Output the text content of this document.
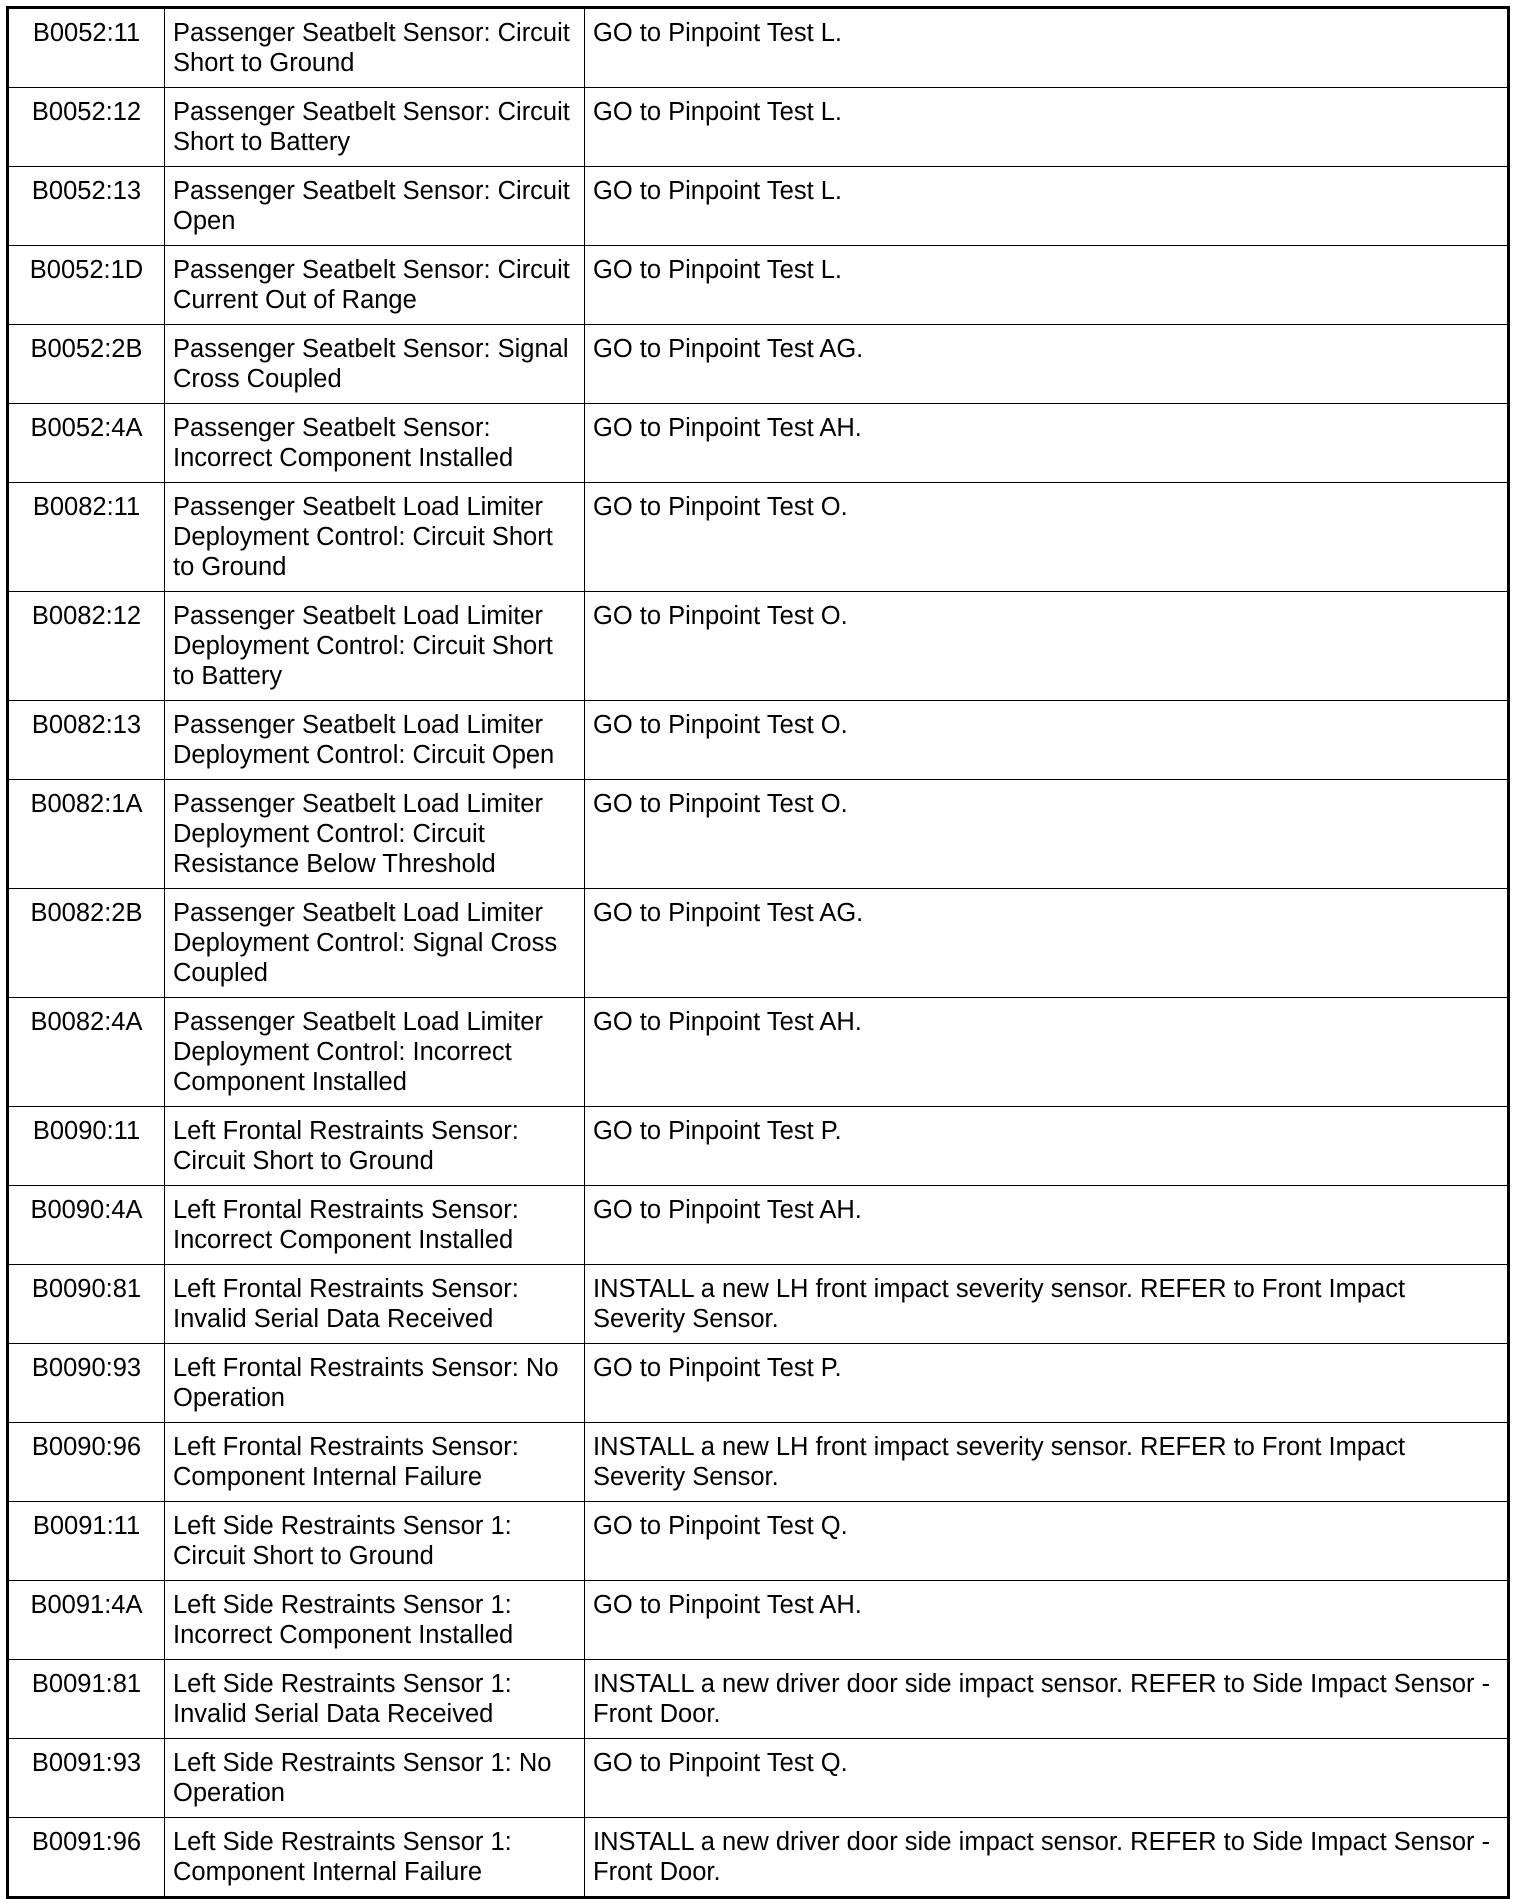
B0052:11	Passenger Seatbelt Sensor: Circuit Short to Ground	GO to Pinpoint Test L.
B0052:12	Passenger Seatbelt Sensor: Circuit Short to Battery	GO to Pinpoint Test L.
B0052:13	Passenger Seatbelt Sensor: Circuit Open	GO to Pinpoint Test L.
B0052:1D	Passenger Seatbelt Sensor: Circuit Current Out of Range	GO to Pinpoint Test L.
B0052:2B	Passenger Seatbelt Sensor: Signal Cross Coupled	GO to Pinpoint Test AG.
B0052:4A	Passenger Seatbelt Sensor: Incorrect Component Installed	GO to Pinpoint Test AH.
B0082:11	Passenger Seatbelt Load Limiter Deployment Control: Circuit Short to Ground	GO to Pinpoint Test O.
B0082:12	Passenger Seatbelt Load Limiter Deployment Control: Circuit Short to Battery	GO to Pinpoint Test O.
B0082:13	Passenger Seatbelt Load Limiter Deployment Control: Circuit Open	GO to Pinpoint Test O.
B0082:1A	Passenger Seatbelt Load Limiter Deployment Control: Circuit Resistance Below Threshold	GO to Pinpoint Test O.
B0082:2B	Passenger Seatbelt Load Limiter Deployment Control: Signal Cross Coupled	GO to Pinpoint Test AG.
B0082:4A	Passenger Seatbelt Load Limiter Deployment Control: Incorrect Component Installed	GO to Pinpoint Test AH.
B0090:11	Left Frontal Restraints Sensor: Circuit Short to Ground	GO to Pinpoint Test P.
B0090:4A	Left Frontal Restraints Sensor: Incorrect Component Installed	GO to Pinpoint Test AH.
B0090:81	Left Frontal Restraints Sensor: Invalid Serial Data Received	INSTALL a new LH front impact severity sensor. REFER to Front Impact Severity Sensor.
B0090:93	Left Frontal Restraints Sensor: No Operation	GO to Pinpoint Test P.
B0090:96	Left Frontal Restraints Sensor: Component Internal Failure	INSTALL a new LH front impact severity sensor. REFER to Front Impact Severity Sensor.
B0091:11	Left Side Restraints Sensor 1: Circuit Short to Ground	GO to Pinpoint Test Q.
B0091:4A	Left Side Restraints Sensor 1: Incorrect Component Installed	GO to Pinpoint Test AH.
B0091:81	Left Side Restraints Sensor 1: Invalid Serial Data Received	INSTALL a new driver door side impact sensor. REFER to Side Impact Sensor - Front Door.
B0091:93	Left Side Restraints Sensor 1: No Operation	GO to Pinpoint Test Q.
B0091:96	Left Side Restraints Sensor 1: Component Internal Failure	INSTALL a new driver door side impact sensor. REFER to Side Impact Sensor - Front Door.
